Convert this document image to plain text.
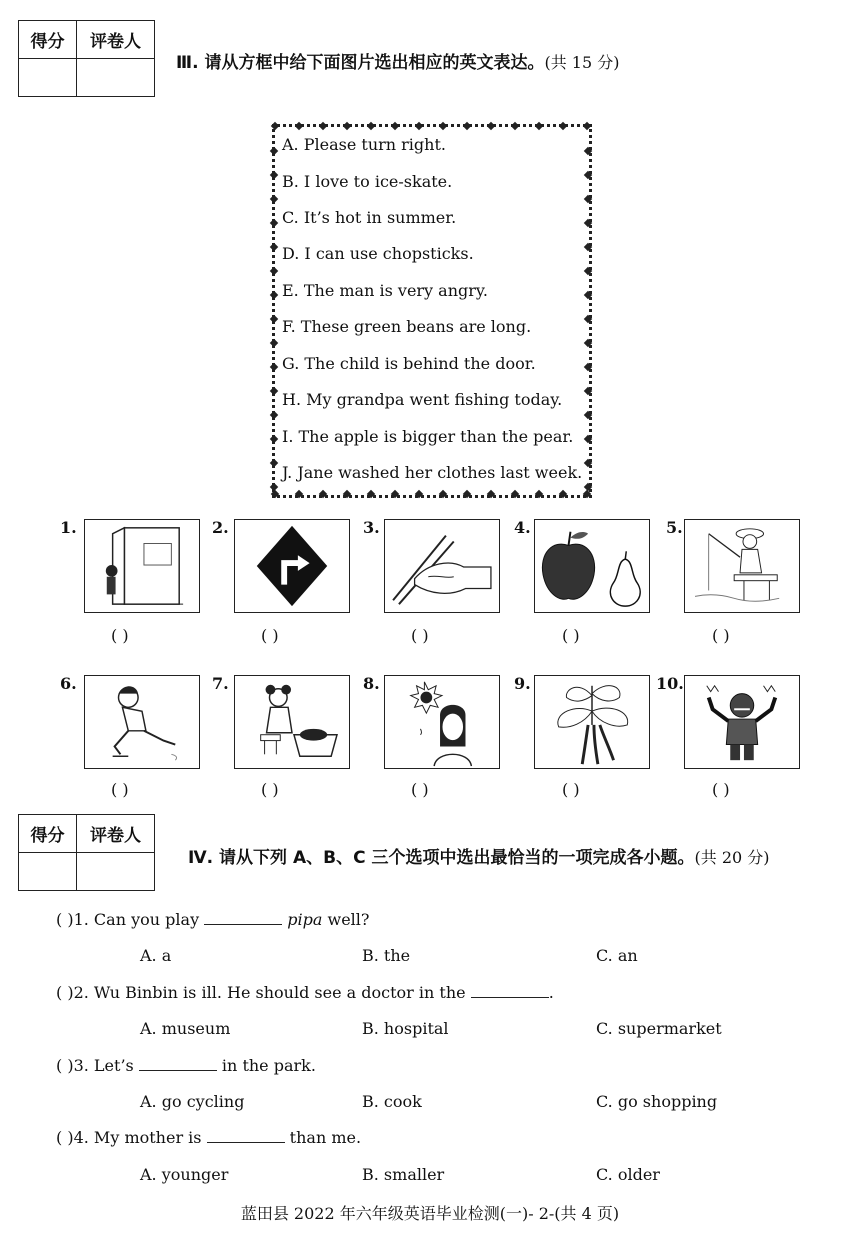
得分	评卷人

Ⅲ. 请从方框中给下面图片选出相应的英文表达。(共 15 分)
A. Please turn right.
B. I love to ice-skate.
C. It’s hot in summer.
D. I can use chopsticks.
E. The man is very angry.
F. These green beans are long.
G. The child is behind the door.
H. My grandpa went fishing today.
I. The apple is bigger than the pear.
J. Jane washed her clothes last week.
1.	2.	3.	4.	5.
( )	( )	( )	( )	( )
6.	7.	8.	9.	10.
( )	( )	( )	( )	( )
得分	评卷人

Ⅳ. 请从下列 A、B、C 三个选项中选出最恰当的一项完成各小题。(共 20 分)
( )1. Can you play	pipa well?
A. a	B. the	C. an
( )2. Wu Binbin is ill. He should see a doctor in the	.
A. museum	B. hospital	C. supermarket
( )3. Let’s	in the park.
A. go cycling	B. cook	C. go shopping
( )4. My mother is	than me.
A. younger	B. smaller	C. older
蓝田县 2022 年六年级英语毕业检测(一)- 2-(共 4 页)
